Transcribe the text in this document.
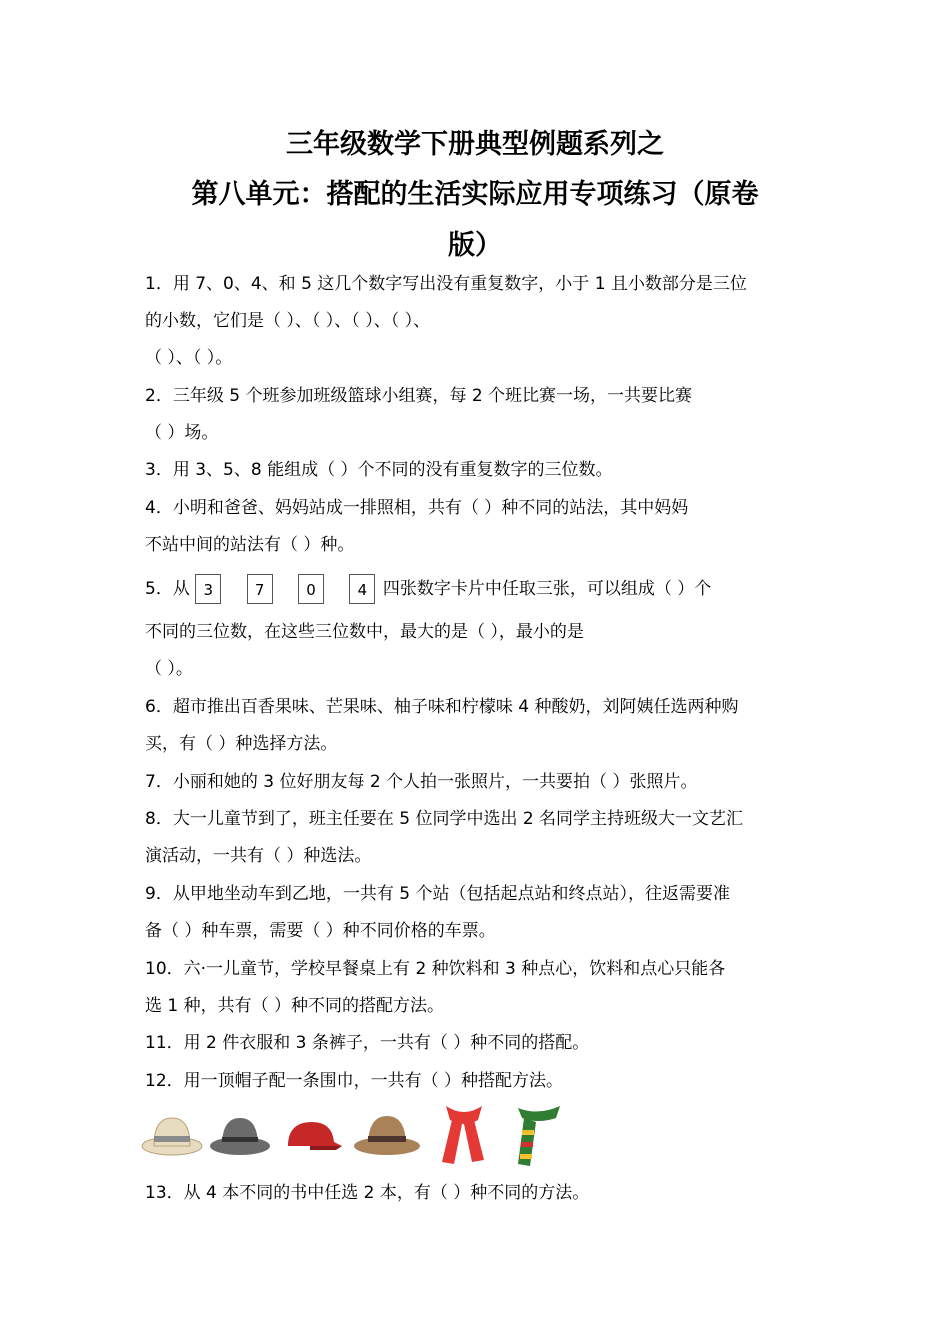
三年级数学下册典型例题系列之
第八单元：搭配的生活实际应用专项练习（原卷
版）

1．用 7、0、4、和 5 这几个数字写出没有重复数字，小于 1 且小数部分是三位

的小数，它们是（ ）、（ ）、（ ）、（ ）、

（ ）、（ ）。

2．三年级 5 个班参加班级篮球小组赛，每 2 个班比赛一场，一共要比赛

（ ）场。

3．用 3、5、8 能组成（ ）个不同的没有重复数字的三位数。

4．小明和爸爸、妈妈站成一排照相，共有（ ）种不同的站法，其中妈妈

不站中间的站法有（ ）种。

5．从 3	7	0	4 四张数字卡片中任取三张，可以组成（ ）个

不同的三位数，在这些三位数中，最大的是（ ），最小的是

（ ）。

6．超市推出百香果味、芒果味、柚子味和柠檬味 4 种酸奶，刘阿姨任选两种购

买，有（ ）种选择方法。

7．小丽和她的 3 位好朋友每 2 个人拍一张照片，一共要拍（ ）张照片。

8．大一儿童节到了，班主任要在 5 位同学中选出 2 名同学主持班级大一文艺汇

演活动，一共有（ ）种选法。

9．从甲地坐动车到乙地，一共有 5 个站（包括起点站和终点站），往返需要准

备（ ）种车票，需要（ ）种不同价格的车票。

10．六·一儿童节，学校早餐桌上有 2 种饮料和 3 种点心，饮料和点心只能各

选 1 种，共有（ ）种不同的搭配方法。

11．用 2 件衣服和 3 条裤子，一共有（ ）种不同的搭配。

12．用一顶帽子配一条围巾，一共有（ ）种搭配方法。

13．从 4 本不同的书中任选 2 本，有（ ）种不同的方法。
